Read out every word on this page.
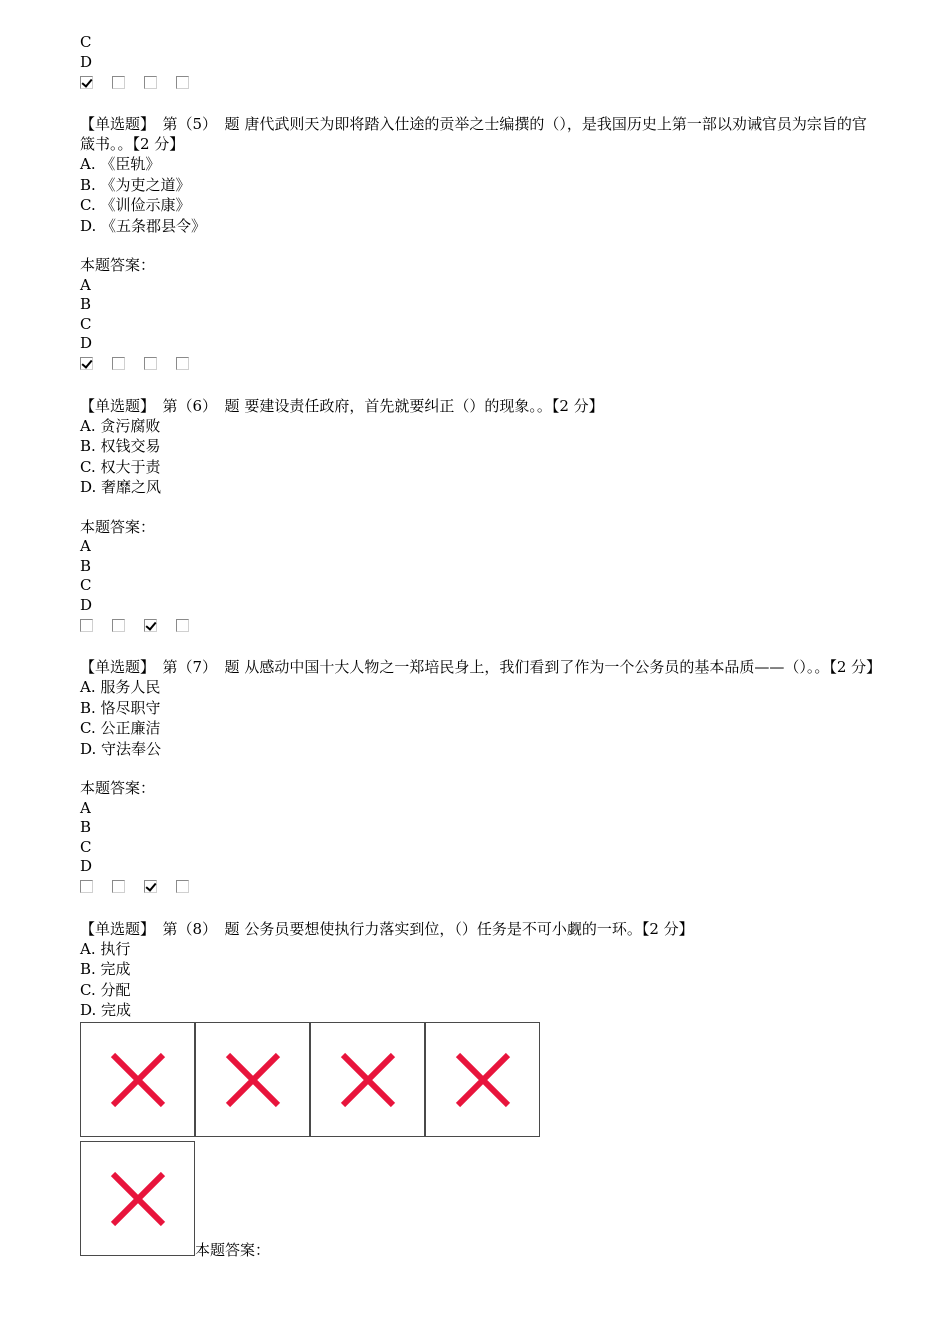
C
D
【单选题】　第（5）　题 唐代武则天为即将踏入仕途的贡举之士编撰的（），是我国历史上第一部以劝诫官员为宗旨的官箴书。。【2 分】
A. 《臣轨》
B. 《为吏之道》
C. 《训俭示康》
D. 《五条郡县令》
本题答案：
A
B
C
D
【单选题】　第（6）　题 要建设责任政府，首先就要纠正（）的现象。。【2 分】
A. 贪污腐败
B. 权钱交易
C. 权大于责
D. 奢靡之风
本题答案：
A
B
C
D
【单选题】　第（7）　题 从感动中国十大人物之一郑培民身上，我们看到了作为一个公务员的基本品质——（）。。【2 分】
A. 服务人民
B. 恪尽职守
C. 公正廉洁
D. 守法奉公
本题答案：
A
B
C
D
【单选题】　第（8）　题 公务员要想使执行力落实到位，（）任务是不可小觑的一环。【2 分】
A. 执行
B. 完成
C. 分配
D. 完成
本题答案：
